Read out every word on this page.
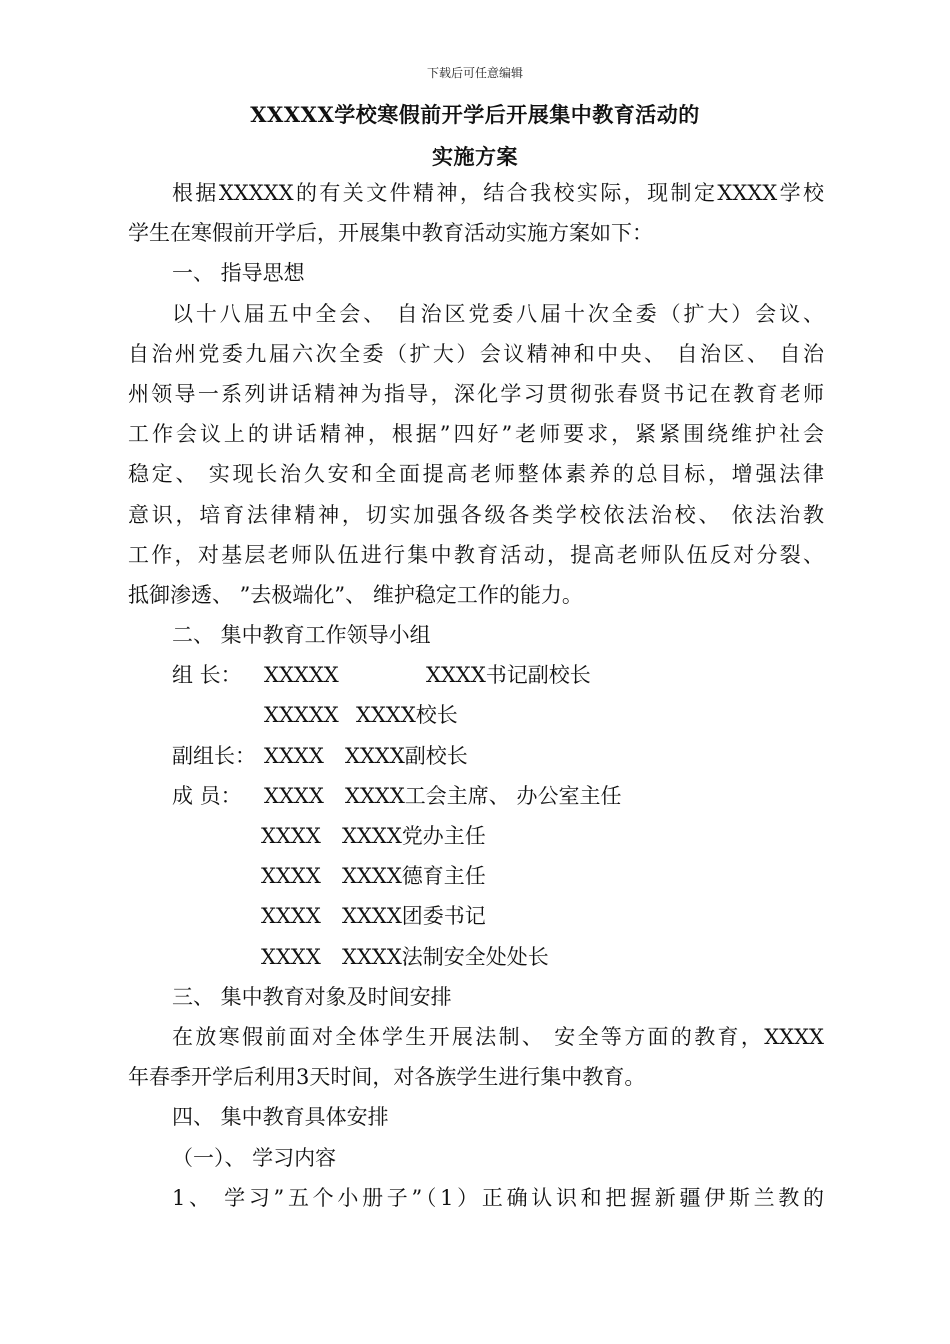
下载后可任意编辑
XXXXX学校寒假前开学后开展集中教育活动的
实施方案
根据XXXXX的有关文件精神，结合我校实际，现制定XXXX学校
学生在寒假前开学后，开展集中教育活动实施方案如下：
一、 指导思想
以十八届五中全会、 自治区党委八届十次全委（扩大）会议、
自治州党委九届六次全委（扩大）会议精神和中央、 自治区、 自治
州领导一系列讲话精神为指导，深化学习贯彻张春贤书记在教育老师
工作会议上的讲话精神，根据”四好”老师要求，紧紧围绕维护社会
稳定、 实现长治久安和全面提高老师整体素养的总目标，增强法律
意识，培育法律精神，切实加强各级各类学校依法治校、 依法治教
工作，对基层老师队伍进行集中教育活动，提高老师队伍反对分裂、
抵御渗透、 ”去极端化”、 维护稳定工作的能力。
二、 集中教育工作领导小组
组 长： XXXXX	XXXX书记副校长
XXXXX XXXX校长
副组长： XXXX XXXX副校长
成 员： XXXX XXXX工会主席、 办公室主任
XXXX XXXX党办主任
XXXX XXXX德育主任
XXXX XXXX团委书记
XXXX XXXX法制安全处处长
三、 集中教育对象及时间安排
在放寒假前面对全体学生开展法制、 安全等方面的教育，XXXX
年春季开学后利用3天时间，对各族学生进行集中教育。
四、 集中教育具体安排
（一）、 学习内容
1、 学习”五个小册子”（1）正确认识和把握新疆伊斯兰教的
